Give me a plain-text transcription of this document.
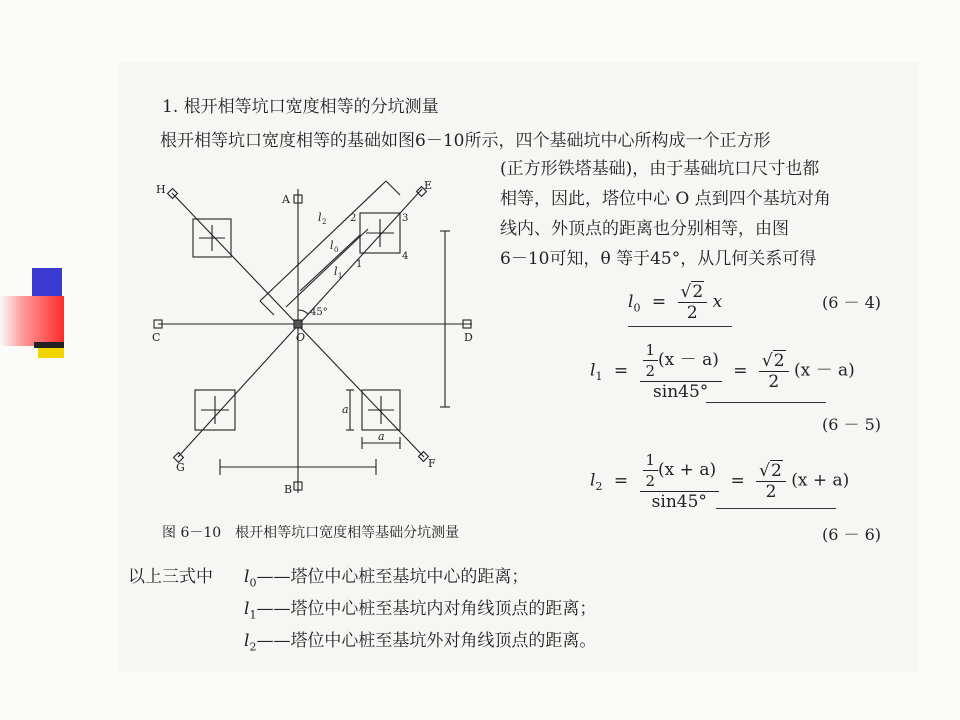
1. 根开相等坑口宽度相等的分坑测量
根开相等坑口宽度相等的基础如图6－10所示，四个基础坑中心所构成一个正方形
(正方形铁塔基础)，由于基础坑口尺寸也都
相等，因此，塔位中心 O 点到四个基坑对角
线内、外顶点的距离也分别相等，由图
6－10可知，θ 等于45°，从几何关系可得
H
A
E
C	D
O
G	F
B
45°
1
2	3
4
l 2
l 0
l 1
a
a
图 6－10　根开相等坑口宽度相等基础分坑测量
$l_0 = \frac{√2}{2}$ x	(6 － 4)
$l_1 = \frac{\frac{1}{2} (x - a)}{\sin 45^\circ} = \frac{√2}{2} (x - a)$
(6 － 5)
$l_2 = \frac{\frac{1}{2} (x + a)}{\sin 45^\circ} = \frac{√2}{2} (x + a)$
(6 － 6)
以上三式中 $l_0——$塔位中心桩至基坑中心的距离；
$l_1——$塔位中心桩至基坑内对角线顶点的距离；
$l_2——$塔位中心桩至基坑外对角线顶点的距离。
